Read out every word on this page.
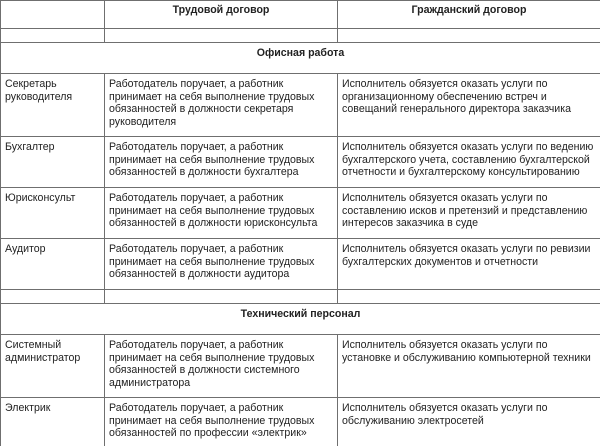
	Трудовой договор	Гражданский договор

Офисная работа		
Секретарь руководителя	Работодатель поручает, а работник принимает на себя выполнение трудовых обязанностей в должности секретаря руководителя	Исполнитель обязуется оказать услуги по организационному обеспечению встреч и совещаний генерального директора заказчика
Бухгалтер	Работодатель поручает, а работник принимает на себя выполнение трудовых обязанностей в должности бухгалтера	Исполнитель обязуется оказать услуги по ведению бухгалтерского учета, составлению бухгалтерской отчетности и бухгалтерскому консультированию
Юрисконсульт	Работодатель поручает, а работник принимает на себя выполнение трудовых обязанностей в должности юрисконсульта	Исполнитель обязуется оказать услуги по составлению исков и претензий и представлению интересов заказчика в суде
Аудитор	Работодатель поручает, а работник принимает на себя выполнение трудовых обязанностей в должности аудитора	Исполнитель обязуется оказать услуги по ревизии бухгалтерских документов и отчетности

Технический персонал		
Системный администратор	Работодатель поручает, а работник принимает на себя выполнение трудовых обязанностей в должности системного администратора	Исполнитель обязуется оказать услуги по установке и обслуживанию компьютерной техники
Электрик	Работодатель поручает, а работник принимает на себя выполнение трудовых обязанностей по профессии «электрик»	Исполнитель обязуется оказать услуги по обслуживанию электросетей
